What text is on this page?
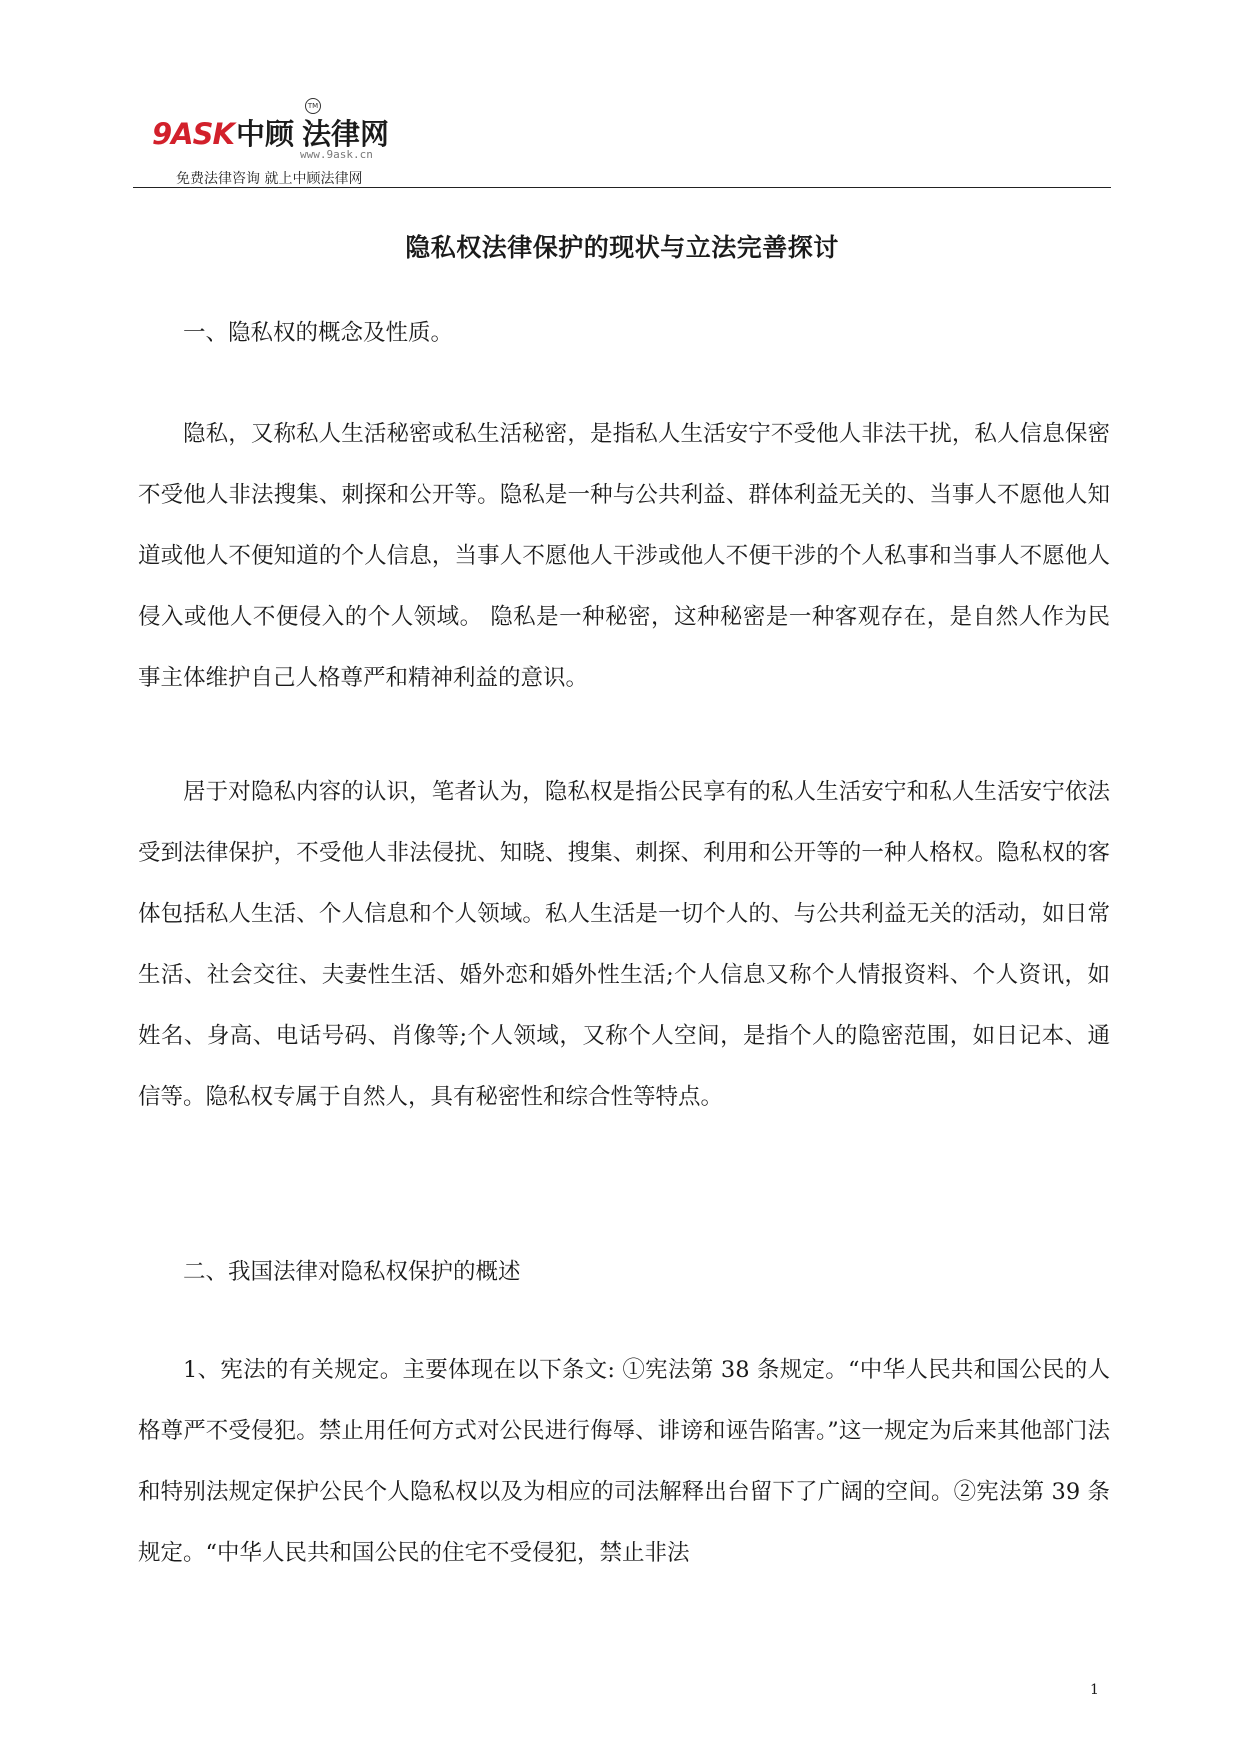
9ASK中顾 法律网
TM
www.9ask.cn
免费法律咨询 就上中顾法律网
隐私权法律保护的现状与立法完善探讨

一、隐私权的概念及性质。

隐私，又称私人生活秘密或私生活秘密，是指私人生活安宁不受他人非法干扰，私人信息保密不受他人非法搜集、刺探和公开等。隐私是一种与公共利益、群体利益无关的、当事人不愿他人知道或他人不便知道的个人信息，当事人不愿他人干涉或他人不便干涉的个人私事和当事人不愿他人侵入或他人不便侵入的个人领域。 隐私是一种秘密，这种秘密是一种客观存在，是自然人作为民事主体维护自己人格尊严和精神利益的意识。

居于对隐私内容的认识，笔者认为，隐私权是指公民享有的私人生活安宁和私人生活安宁依法受到法律保护，不受他人非法侵扰、知晓、搜集、刺探、利用和公开等的一种人格权。隐私权的客体包括私人生活、个人信息和个人领域。私人生活是一切个人的、与公共利益无关的活动，如日常生活、社会交往、夫妻性生活、婚外恋和婚外性生活;个人信息又称个人情报资料、个人资讯，如姓名、身高、电话号码、肖像等;个人领域，又称个人空间，是指个人的隐密范围，如日记本、通信等。隐私权专属于自然人，具有秘密性和综合性等特点。

二、我国法律对隐私权保护的概述

1、宪法的有关规定。主要体现在以下条文: ①宪法第 38 条规定。“中华人民共和国公民的人格尊严不受侵犯。禁止用任何方式对公民进行侮辱、诽谤和诬告陷害。”这一规定为后来其他部门法和特别法规定保护公民个人隐私权以及为相应的司法解释出台留下了广阔的空间。②宪法第 39 条规定。“中华人民共和国公民的住宅不受侵犯，禁止非法

1
